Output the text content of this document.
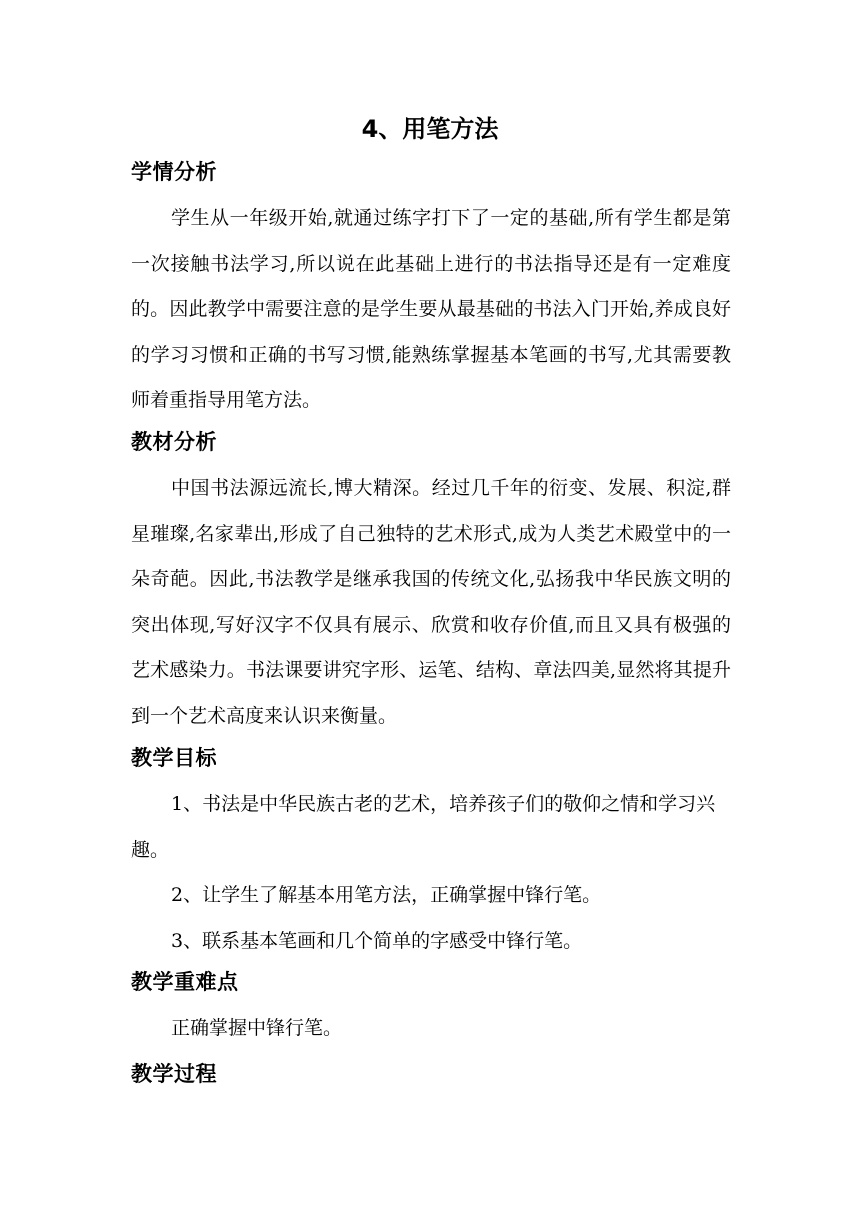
4、用笔方法
学情分析

学生从一年级开始,就通过练字打下了一定的基础,所有学生都是第一次接触书法学习,所以说在此基础上进行的书法指导还是有一定难度的。因此教学中需要注意的是学生要从最基础的书法入门开始,养成良好的学习习惯和正确的书写习惯,能熟练掌握基本笔画的书写,尤其需要教师着重指导用笔方法。

教材分析

中国书法源远流长,博大精深。经过几千年的衍变、发展、积淀,群星璀璨,名家辈出,形成了自己独特的艺术形式,成为人类艺术殿堂中的一朵奇葩。因此,书法教学是继承我国的传统文化,弘扬我中华民族文明的突出体现,写好汉字不仅具有展示、欣赏和收存价值,而且又具有极强的艺术感染力。书法课要讲究字形、运笔、结构、章法四美,显然将其提升到一个艺术高度来认识来衡量。

教学目标

1、书法是中华民族古老的艺术，培养孩子们的敬仰之情和学习兴趣。

2、让学生了解基本用笔方法，正确掌握中锋行笔。

3、联系基本笔画和几个简单的字感受中锋行笔。

教学重难点

正确掌握中锋行笔。

教学过程
